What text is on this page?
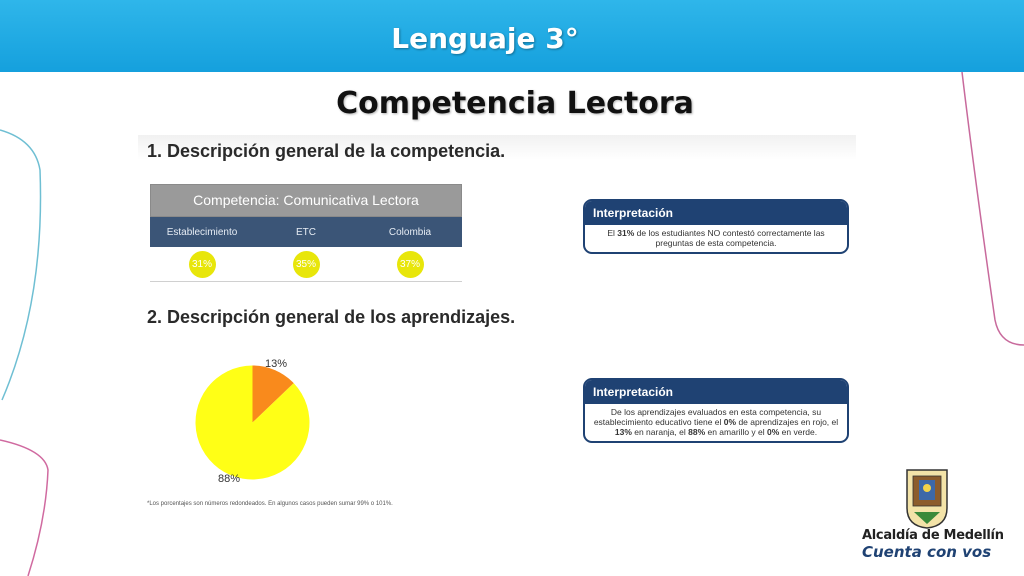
Lenguaje 3°
Competencia Lectora
1. Descripción general de la competencia.
Competencia: Comunicativa Lectora
Establecimiento	ETC	Colombia
31%	35%	37%
Interpretación
El 31% de los estudiantes NO contestó correctamente las preguntas de esta competencia.
2. Descripción general de los aprendizajes.
13%
88%
Interpretación
De los aprendizajes evaluados en esta competencia, su establecimiento educativo tiene el 0% de aprendizajes en rojo, el 13% en naranja, el 88% en amarillo y el 0% en verde.
*Los porcentajes son números redondeados. En algunos casos pueden sumar 99% o 101%.
Alcaldía de Medellín
Cuenta con vos
